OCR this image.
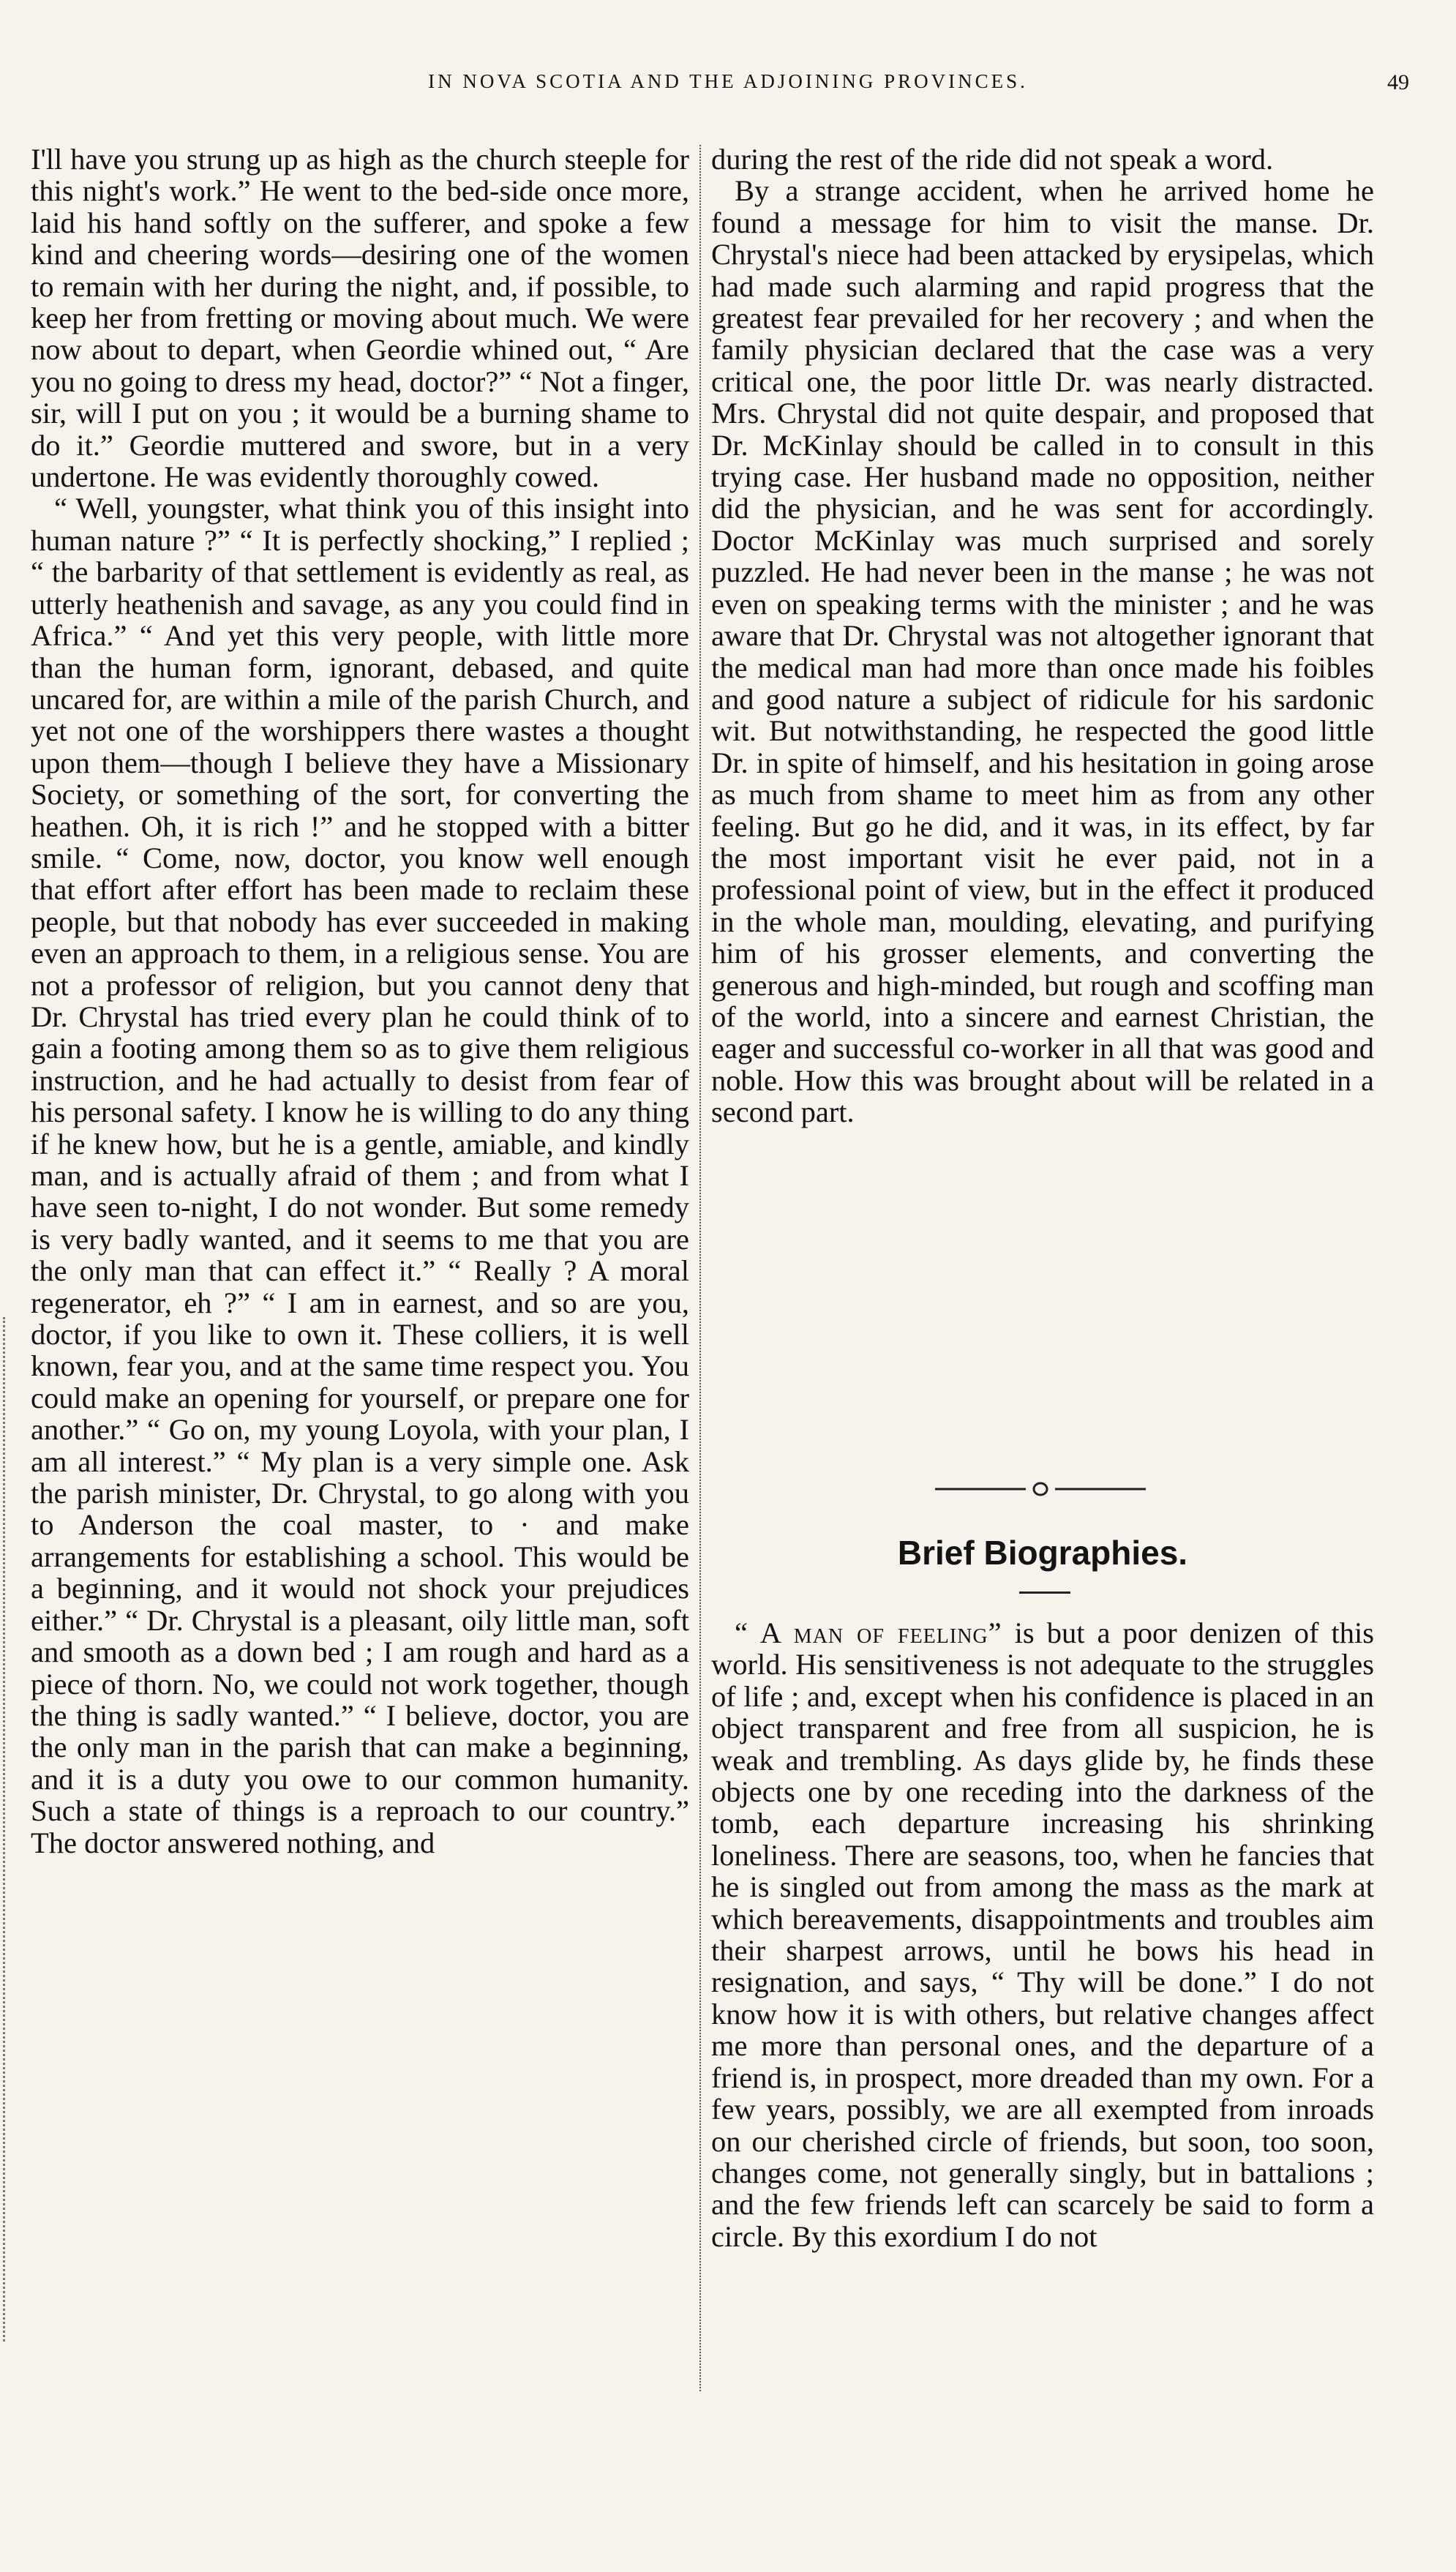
IN NOVA SCOTIA AND THE ADJOINING PROVINCES.	49

I'll have you strung up as high as the church steeple for this night's work.” He went to the bed-side once more, laid his hand softly on the sufferer, and spoke a few kind and cheering words—desiring one of the women to remain with her during the night, and, if possible, to keep her from fretting or moving about much. We were now about to depart, when Geordie whined out, “ Are you no going to dress my head, doctor?” “ Not a finger, sir, will I put on you ; it would be a burning shame to do it.” Geordie muttered and swore, but in a very undertone. He was evidently thoroughly cowed.

“ Well, youngster, what think you of this insight into human nature ?” “ It is perfectly shocking,” I replied ; “ the barbarity of that settlement is evidently as real, as utterly heathenish and savage, as any you could find in Africa.” “ And yet this very people, with little more than the human form, ignorant, debased, and quite uncared for, are within a mile of the parish Church, and yet not one of the worshippers there wastes a thought upon them—though I believe they have a Missionary Society, or something of the sort, for converting the heathen. Oh, it is rich !” and he stopped with a bitter smile. “ Come, now, doctor, you know well enough that effort after effort has been made to reclaim these people, but that nobody has ever succeeded in making even an approach to them, in a religious sense. You are not a professor of religion, but you cannot deny that Dr. Chrystal has tried every plan he could think of to gain a footing among them so as to give them religious instruction, and he had actually to desist from fear of his personal safety. I know he is willing to do any thing if he knew how, but he is a gentle, amiable, and kindly man, and is actually afraid of them ; and from what I have seen to-night, I do not wonder. But some remedy is very badly wanted, and it seems to me that you are the only man that can effect it.” “ Really ? A moral regenerator, eh ?” “ I am in earnest, and so are you, doctor, if you like to own it. These colliers, it is well known, fear you, and at the same time respect you. You could make an opening for yourself, or prepare one for another.” “ Go on, my young Loyola, with your plan, I am all interest.” “ My plan is a very simple one. Ask the parish minister, Dr. Chrystal, to go along with you to Anderson the coal master, to · and make arrangements for establishing a school. This would be a beginning, and it would not shock your prejudices either.” “ Dr. Chrystal is a pleasant, oily little man, soft and smooth as a down bed ; I am rough and hard as a piece of thorn. No, we could not work together, though the thing is sadly wanted.” “ I believe, doctor, you are the only man in the parish that can make a beginning, and it is a duty you owe to our common humanity. Such a state of things is a reproach to our country.” The doctor answered nothing, and

during the rest of the ride did not speak a word.

By a strange accident, when he arrived home he found a message for him to visit the manse. Dr. Chrystal's niece had been attacked by erysipelas, which had made such alarming and rapid progress that the greatest fear prevailed for her recovery ; and when the family physician declared that the case was a very critical one, the poor little Dr. was nearly distracted. Mrs. Chrystal did not quite despair, and proposed that Dr. McKinlay should be called in to consult in this trying case. Her husband made no opposition, neither did the physician, and he was sent for accordingly. Doctor McKinlay was much surprised and sorely puzzled. He had never been in the manse ; he was not even on speaking terms with the minister ; and he was aware that Dr. Chrystal was not altogether ignorant that the medical man had more than once made his foibles and good nature a subject of ridicule for his sardonic wit. But notwithstanding, he respected the good little Dr. in spite of himself, and his hesitation in going arose as much from shame to meet him as from any other feeling. But go he did, and it was, in its effect, by far the most important visit he ever paid, not in a professional point of view, but in the effect it produced in the whole man, moulding, elevating, and purifying him of his grosser elements, and converting the generous and high-minded, but rough and scoffing man of the world, into a sincere and earnest Christian, the eager and successful co-worker in all that was good and noble. How this was brought about will be related in a second part.

Brief Biographies.

“ A man of feeling” is but a poor denizen of this world. His sensitiveness is not adequate to the struggles of life ; and, except when his confidence is placed in an object transparent and free from all suspicion, he is weak and trembling. As days glide by, he finds these objects one by one receding into the darkness of the tomb, each departure increasing his shrinking loneliness. There are seasons, too, when he fancies that he is singled out from among the mass as the mark at which bereavements, disappointments and troubles aim their sharpest arrows, until he bows his head in resignation, and says, “ Thy will be done.” I do not know how it is with others, but relative changes affect me more than personal ones, and the departure of a friend is, in prospect, more dreaded than my own. For a few years, possibly, we are all exempted from inroads on our cherished circle of friends, but soon, too soon, changes come, not generally singly, but in battalions ; and the few friends left can scarcely be said to form a circle. By this exordium I do not
